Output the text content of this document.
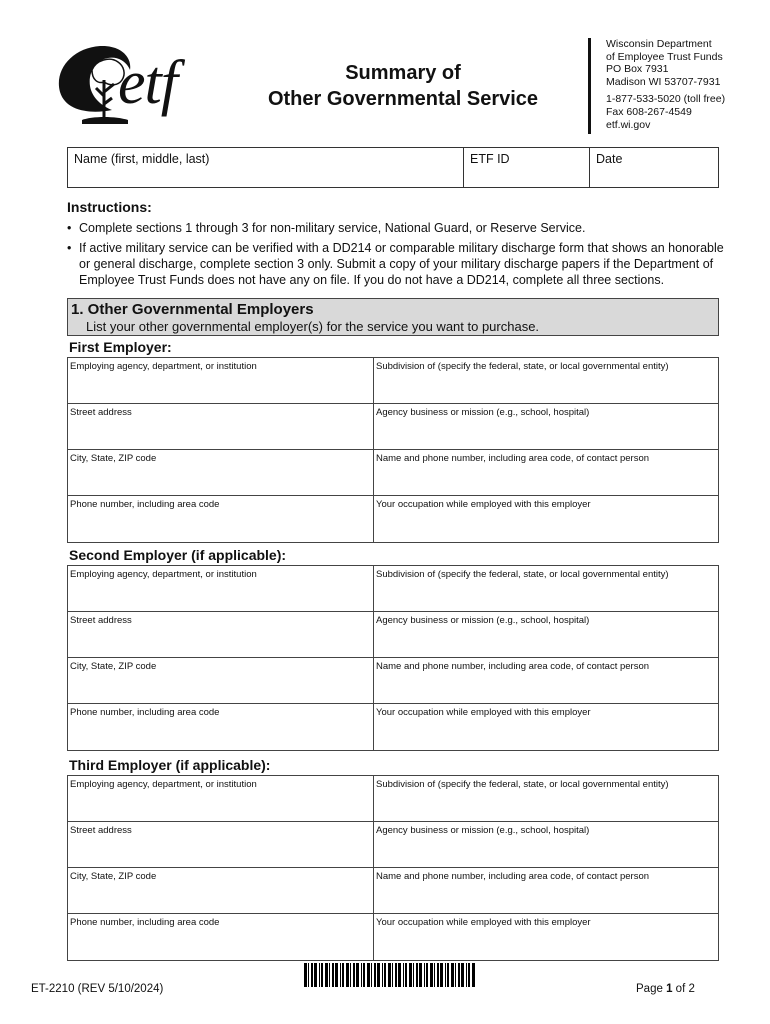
etf	Summary of
Other Governmental Service
Wisconsin Department
of Employee Trust Funds
PO Box 7931
Madison WI 53707-7931
1-877-533-5020 (toll free)
Fax 608-267-4549
etf.wi.gov
Name (first, middle, last)	ETF ID	Date
Instructions:
• Complete sections 1 through 3 for non-military service, National Guard, or Reserve Service.
• If active military service can be verified with a DD214 or comparable military discharge form that shows an honorable or general discharge, complete section 3 only. Submit a copy of your military discharge papers if the Department of Employee Trust Funds does not have any on file. If you do not have a DD214, complete all three sections.
1. Other Governmental Employers
List your other governmental employer(s) for the service you want to purchase.
First Employer:
Employing agency, department, or institution	Subdivision of (specify the federal, state, or local governmental entity)
Street address	Agency business or mission (e.g., school, hospital)
City, State, ZIP code	Name and phone number, including area code, of contact person
Phone number, including area code	Your occupation while employed with this employer
Second Employer (if applicable):
Employing agency, department, or institution	Subdivision of (specify the federal, state, or local governmental entity)
Street address	Agency business or mission (e.g., school, hospital)
City, State, ZIP code	Name and phone number, including area code, of contact person
Phone number, including area code	Your occupation while employed with this employer
Third Employer (if applicable):
Employing agency, department, or institution	Subdivision of (specify the federal, state, or local governmental entity)
Street address	Agency business or mission (e.g., school, hospital)
City, State, ZIP code	Name and phone number, including area code, of contact person
Phone number, including area code	Your occupation while employed with this employer
ET-2210 (REV 5/10/2024)	Page 1 of 2
